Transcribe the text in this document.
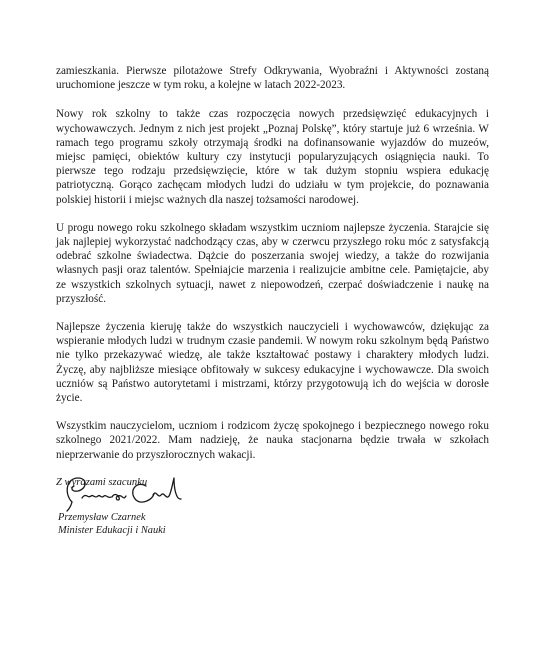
zamieszkania. Pierwsze pilotażowe Strefy Odkrywania, Wyobraźni i Aktywności zostaną uruchomione jeszcze w tym roku, a kolejne w latach 2022-2023.

Nowy rok szkolny to także czas rozpoczęcia nowych przedsięwzięć edukacyjnych i wychowawczych. Jednym z nich jest projekt „Poznaj Polskę”, który startuje już 6 września. W ramach tego programu szkoły otrzymają środki na dofinansowanie wyjazdów do muzeów, miejsc pamięci, obiektów kultury czy instytucji popularyzujących osiągnięcia nauki. To pierwsze tego rodzaju przedsięwzięcie, które w tak dużym stopniu wspiera edukację patriotyczną. Gorąco zachęcam młodych ludzi do udziału w tym projekcie, do poznawania polskiej historii i miejsc ważnych dla naszej tożsamości narodowej.

U progu nowego roku szkolnego składam wszystkim uczniom najlepsze życzenia. Starajcie się jak najlepiej wykorzystać nadchodzący czas, aby w czerwcu przyszłego roku móc z satysfakcją odebrać szkolne świadectwa. Dążcie do poszerzania swojej wiedzy, a także do rozwijania własnych pasji oraz talentów. Spełniajcie marzenia i realizujcie ambitne cele. Pamiętajcie, aby ze wszystkich szkolnych sytuacji, nawet z niepowodzeń, czerpać doświadczenie i naukę na przyszłość.

Najlepsze życzenia kieruję także do wszystkich nauczycieli i wychowawców, dziękując za wspieranie młodych ludzi w trudnym czasie pandemii. W nowym roku szkolnym będą Państwo nie tylko przekazywać wiedzę, ale także kształtować postawy i charaktery młodych ludzi. Życzę, aby najbliższe miesiące obfitowały w sukcesy edukacyjne i wychowawcze. Dla swoich uczniów są Państwo autorytetami i mistrzami, którzy przygotowują ich do wejścia w dorosłe życie.

Wszystkim nauczycielom, uczniom i rodzicom życzę spokojnego i bezpiecznego nowego roku szkolnego 2021/2022. Mam nadzieję, że nauka stacjonarna będzie trwała w szkołach nieprzerwanie do przyszłorocznych wakacji.

Z wyrazami szacunku

Przemysław Czarnek
Minister Edukacji i Nauki
